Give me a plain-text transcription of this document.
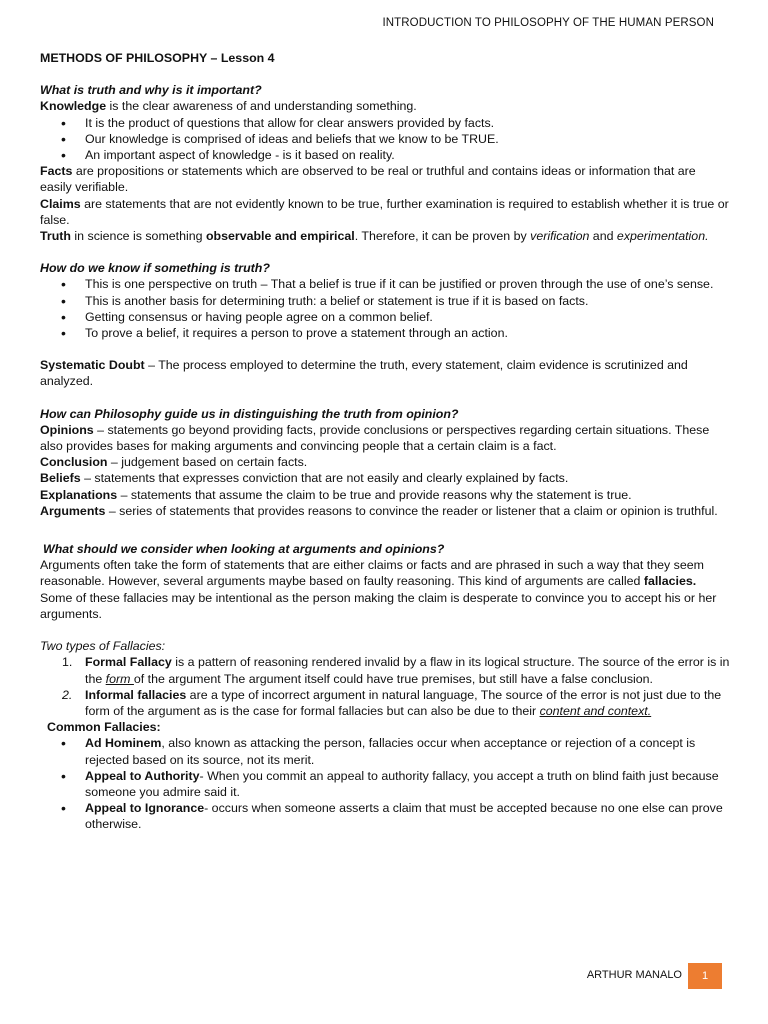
INTRODUCTION TO PHILOSOPHY OF THE HUMAN PERSON

METHODS OF PHILOSOPHY – Lesson 4

What is truth and why is it important?

Knowledge is the clear awareness of and understanding something.

• It is the product of questions that allow for clear answers provided by facts.
• Our knowledge is comprised of ideas and beliefs that we know to be TRUE.
• An important aspect of knowledge - is it based on reality.

Facts are propositions or statements which are observed to be real or truthful and contains ideas or information that are easily verifiable.

Claims are statements that are not evidently known to be true, further examination is required to establish whether it is true or false.

Truth in science is something observable and empirical. Therefore, it can be proven by verification and experimentation.

How do we know if something is truth?

• This is one perspective on truth – That a belief is true if it can be justified or proven through the use of one’s sense.
• This is another basis for determining truth: a belief or statement is true if it is based on facts.
• Getting consensus or having people agree on a common belief.
• To prove a belief, it requires a person to prove a statement through an action.

Systematic Doubt – The process employed to determine the truth, every statement, claim evidence is scrutinized and analyzed.

How can Philosophy guide us in distinguishing the truth from opinion?

Opinions – statements go beyond providing facts, provide conclusions or perspectives regarding certain situations. These also provides bases for making arguments and convincing people that a certain claim is a fact.

Conclusion – judgement based on certain facts.

Beliefs – statements that expresses conviction that are not easily and clearly explained by facts.

Explanations – statements that assume the claim to be true and provide reasons why the statement is true.

Arguments – series of statements that provides reasons to convince the reader or listener that a claim or opinion is truthful.

What should we consider when looking at arguments and opinions?

Arguments often take the form of statements that are either claims or facts and are phrased in such a way that they seem reasonable. However, several arguments maybe based on faulty reasoning. This kind of arguments are called fallacies.

Some of these fallacies may be intentional as the person making the claim is desperate to convince you to accept his or her arguments.

Two types of Fallacies:

1. Formal Fallacy is a pattern of reasoning rendered invalid by a flaw in its logical structure. The source of the error is in the form of the argument The argument itself could have true premises, but still have a false conclusion.
2. Informal fallacies are a type of incorrect argument in natural language, The source of the error is not just due to the form of the argument as is the case for formal fallacies but can also be due to their content and context.

Common Fallacies:

• Ad Hominem, also known as attacking the person, fallacies occur when acceptance or rejection of a concept is rejected based on its source, not its merit.
• Appeal to Authority- When you commit an appeal to authority fallacy, you accept a truth on blind faith just because someone you admire said it.
• Appeal to Ignorance- occurs when someone asserts a claim that must be accepted because no one else can prove otherwise.
ARTHUR MANALO	1
